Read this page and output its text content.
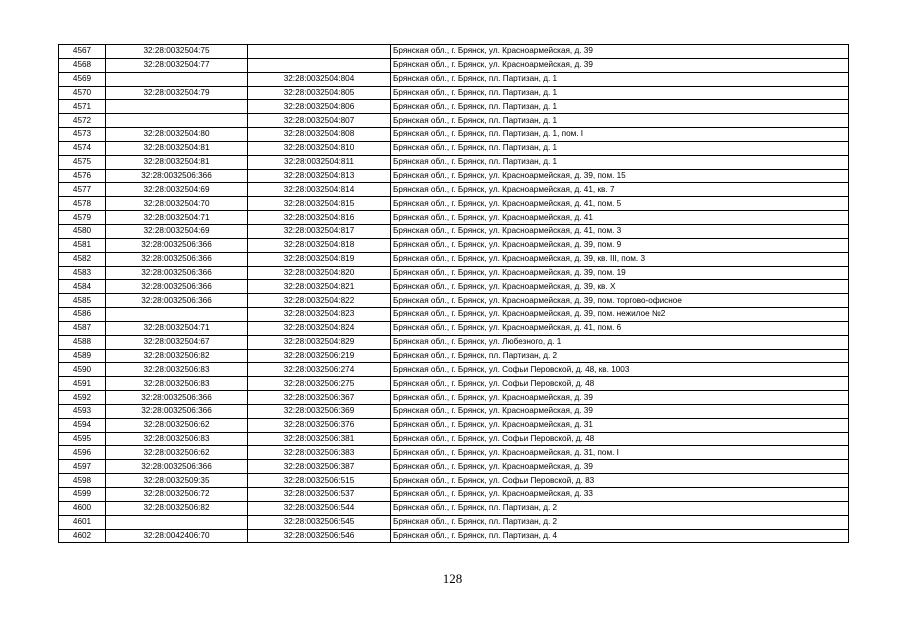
4567	32:28:0032504:75		Брянская обл., г. Брянск, ул. Красноармейская, д. 39
4568	32:28:0032504:77		Брянская обл., г. Брянск, ул. Красноармейская, д. 39
4569		32:28:0032504:804	Брянская обл., г. Брянск, пл. Партизан, д. 1
4570	32:28:0032504:79	32:28:0032504:805	Брянская обл., г. Брянск, пл. Партизан, д. 1
4571		32:28:0032504:806	Брянская обл., г. Брянск, пл. Партизан, д. 1
4572		32:28:0032504:807	Брянская обл., г. Брянск, пл. Партизан, д. 1
4573	32:28:0032504:80	32:28:0032504:808	Брянская обл., г. Брянск, пл. Партизан, д. 1, пом. I
4574	32:28:0032504:81	32:28:0032504:810	Брянская обл., г. Брянск, пл. Партизан, д. 1
4575	32:28:0032504:81	32:28:0032504:811	Брянская обл., г. Брянск, пл. Партизан, д. 1
4576	32:28:0032506:366	32:28:0032504:813	Брянская обл., г. Брянск, ул. Красноармейская, д. 39, пом. 15
4577	32:28:0032504:69	32:28:0032504:814	Брянская обл., г. Брянск, ул. Красноармейская, д. 41, кв. 7
4578	32:28:0032504:70	32:28:0032504:815	Брянская обл., г. Брянск, ул. Красноармейская, д. 41, пом. 5
4579	32:28:0032504:71	32:28:0032504:816	Брянская обл., г. Брянск, ул. Красноармейская, д. 41
4580	32:28:0032504:69	32:28:0032504:817	Брянская обл., г. Брянск, ул. Красноармейская, д. 41, пом. 3
4581	32:28:0032506:366	32:28:0032504:818	Брянская обл., г. Брянск, ул. Красноармейская, д. 39, пом. 9
4582	32:28:0032506:366	32:28:0032504:819	Брянская обл., г. Брянск, ул. Красноармейская, д. 39, кв. III, пом. 3
4583	32:28:0032506:366	32:28:0032504:820	Брянская обл., г. Брянск, ул. Красноармейская, д. 39, пом. 19
4584	32:28:0032506:366	32:28:0032504:821	Брянская обл., г. Брянск, ул. Красноармейская, д. 39, кв. X
4585	32:28:0032506:366	32:28:0032504:822	Брянская обл., г. Брянск, ул. Красноармейская, д. 39, пом. торгово-офисное
4586		32:28:0032504:823	Брянская обл., г. Брянск, ул. Красноармейская, д. 39, пом. нежилое №2
4587	32:28:0032504:71	32:28:0032504:824	Брянская обл., г. Брянск, ул. Красноармейская, д. 41, пом. 6
4588	32:28:0032504:67	32:28:0032504:829	Брянская обл., г. Брянск, ул. Любезного, д. 1
4589	32:28:0032506:82	32:28:0032506:219	Брянская обл., г. Брянск, пл. Партизан, д. 2
4590	32:28:0032506:83	32:28:0032506:274	Брянская обл., г. Брянск, ул. Софьи Перовской, д. 48, кв. 1003
4591	32:28:0032506:83	32:28:0032506:275	Брянская обл., г. Брянск, ул. Софьи Перовской, д. 48
4592	32:28:0032506:366	32:28:0032506:367	Брянская обл., г. Брянск, ул. Красноармейская, д. 39
4593	32:28:0032506:366	32:28:0032506:369	Брянская обл., г. Брянск, ул. Красноармейская, д. 39
4594	32:28:0032506:62	32:28:0032506:376	Брянская обл., г. Брянск, ул. Красноармейская, д. 31
4595	32:28:0032506:83	32:28:0032506:381	Брянская обл., г. Брянск, ул. Софьи Перовской, д. 48
4596	32:28:0032506:62	32:28:0032506:383	Брянская обл., г. Брянск, ул. Красноармейская, д. 31, пом. I
4597	32:28:0032506:366	32:28:0032506:387	Брянская обл., г. Брянск, ул. Красноармейская, д. 39
4598	32:28:0032509:35	32:28:0032506:515	Брянская обл., г. Брянск, ул. Софьи Перовской, д. 83
4599	32:28:0032506:72	32:28:0032506:537	Брянская обл., г. Брянск, ул. Красноармейская, д. 33
4600	32:28:0032506:82	32:28:0032506:544	Брянская обл., г. Брянск, пл. Партизан, д. 2
4601		32:28:0032506:545	Брянская обл., г. Брянск, пл. Партизан, д. 2
4602	32:28:0042406:70	32:28:0032506:546	Брянская обл., г. Брянск, пл. Партизан, д. 4
128
